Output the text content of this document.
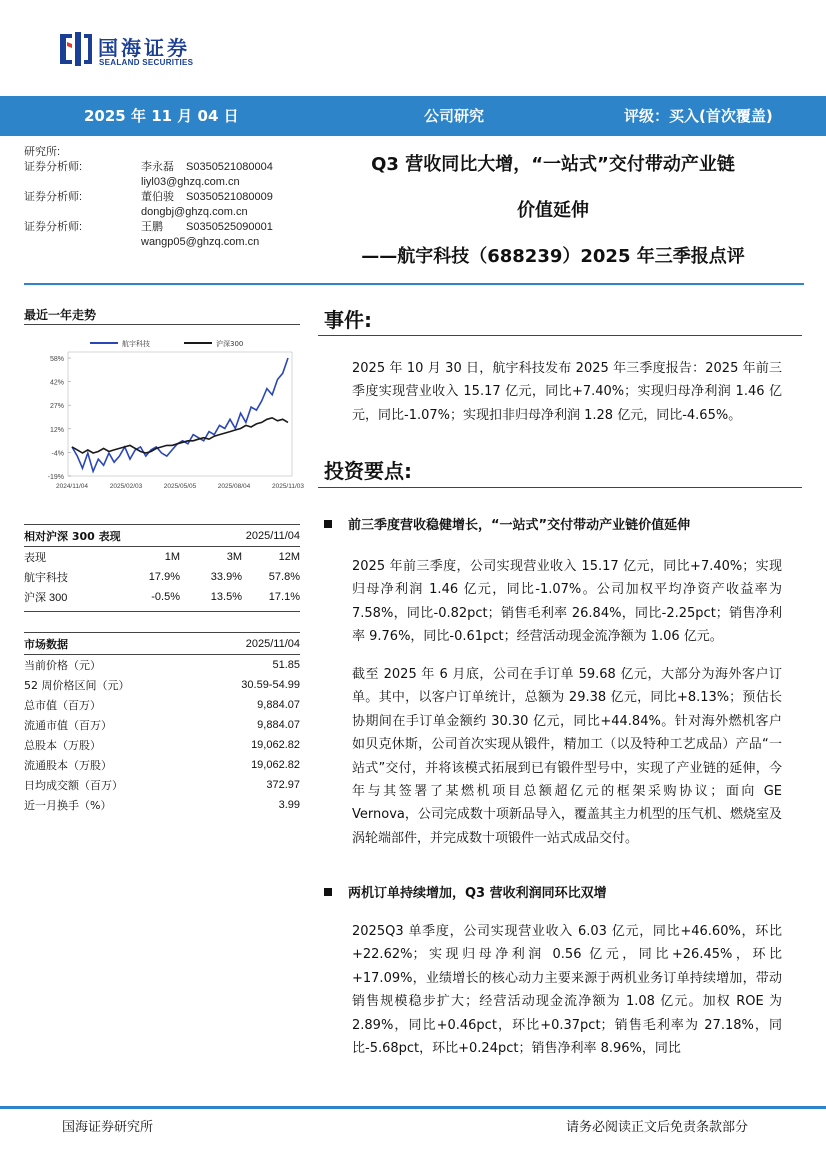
国海证券
SEALAND SECURITIES
2025 年 11 月 04 日	公司研究	评级：买入(首次覆盖)
研究所:
证券分析师:	李永磊 S0350521080004
liyl03@ghzq.com.cn
证券分析师:	董伯骏 S0350521080009
dongbj@ghzq.com.cn
证券分析师:	王鹏 S0350525090001
wangp05@ghzq.com.cn
Q3 营收同比大增，“一站式”交付带动产业链
价值延伸
——航宇科技（688239）2025 年三季报点评
最近一年走势
航宇科技	沪深300
58%
42%
27%
12%
-4%
-19%
2024/11/04	2025/02/03	2025/05/05	2025/08/04	2025/11/03
相对沪深 300 表现			2025/11/04
表现	1M	3M	12M
航宇科技	17.9%	33.9%	57.8%
沪深 300	-0.5%	13.5%	17.1%
市场数据	2025/11/04
当前价格（元）	51.85
52 周价格区间（元）	30.59-54.99
总市值（百万）	9,884.07
流通市值（百万）	9,884.07
总股本（万股）	19,062.82
流通股本（万股）	19,062.82
日均成交额（百万）	372.97
近一月换手（%）	3.99
事件:
2025 年 10 月 30 日，航宇科技发布 2025 年三季度报告：2025 年前三季度实现营业收入 15.17 亿元，同比+7.40%；实现归母净利润 1.46 亿元，同比-1.07%；实现扣非归母净利润 1.28 亿元，同比-4.65%。
投资要点:
前三季度营收稳健增长，“一站式”交付带动产业链价值延伸
2025 年前三季度，公司实现营业收入 15.17 亿元，同比+7.40%；实现归母净利润 1.46 亿元，同比-1.07%。公司加权平均净资产收益率为 7.58%，同比-0.82pct；销售毛利率 26.84%，同比-2.25pct；销售净利率 9.76%，同比-0.61pct；经营活动现金流净额为 1.06 亿元。
截至 2025 年 6 月底，公司在手订单 59.68 亿元，大部分为海外客户订单。其中，以客户订单统计，总额为 29.38 亿元，同比+8.13%；预估长协期间在手订单金额约 30.30 亿元，同比+44.84%。针对海外燃机客户如贝克休斯，公司首次实现从锻件，精加工（以及特种工艺成品）产品“一站式”交付，并将该模式拓展到已有锻件型号中，实现了产业链的延伸，今年与其签署了某燃机项目总额超亿元的框架采购协议；面向 GE Vernova，公司完成数十项新品导入，覆盖其主力机型的压气机、燃烧室及涡轮端部件，并完成数十项锻件一站式成品交付。
两机订单持续增加，Q3 营收利润同环比双增
2025Q3 单季度，公司实现营业收入 6.03 亿元，同比+46.60%，环比+22.62%；实现归母净利润 0.56 亿元，同比+26.45%，环比+17.09%，业绩增长的核心动力主要来源于两机业务订单持续增加，带动销售规模稳步扩大；经营活动现金流净额为 1.08 亿元。加权 ROE 为 2.89%，同比+0.46pct，环比+0.37pct；销售毛利率为 27.18%，同比-5.68pct，环比+0.24pct；销售净利率 8.96%，同比
国海证券研究所	请务必阅读正文后免责条款部分
